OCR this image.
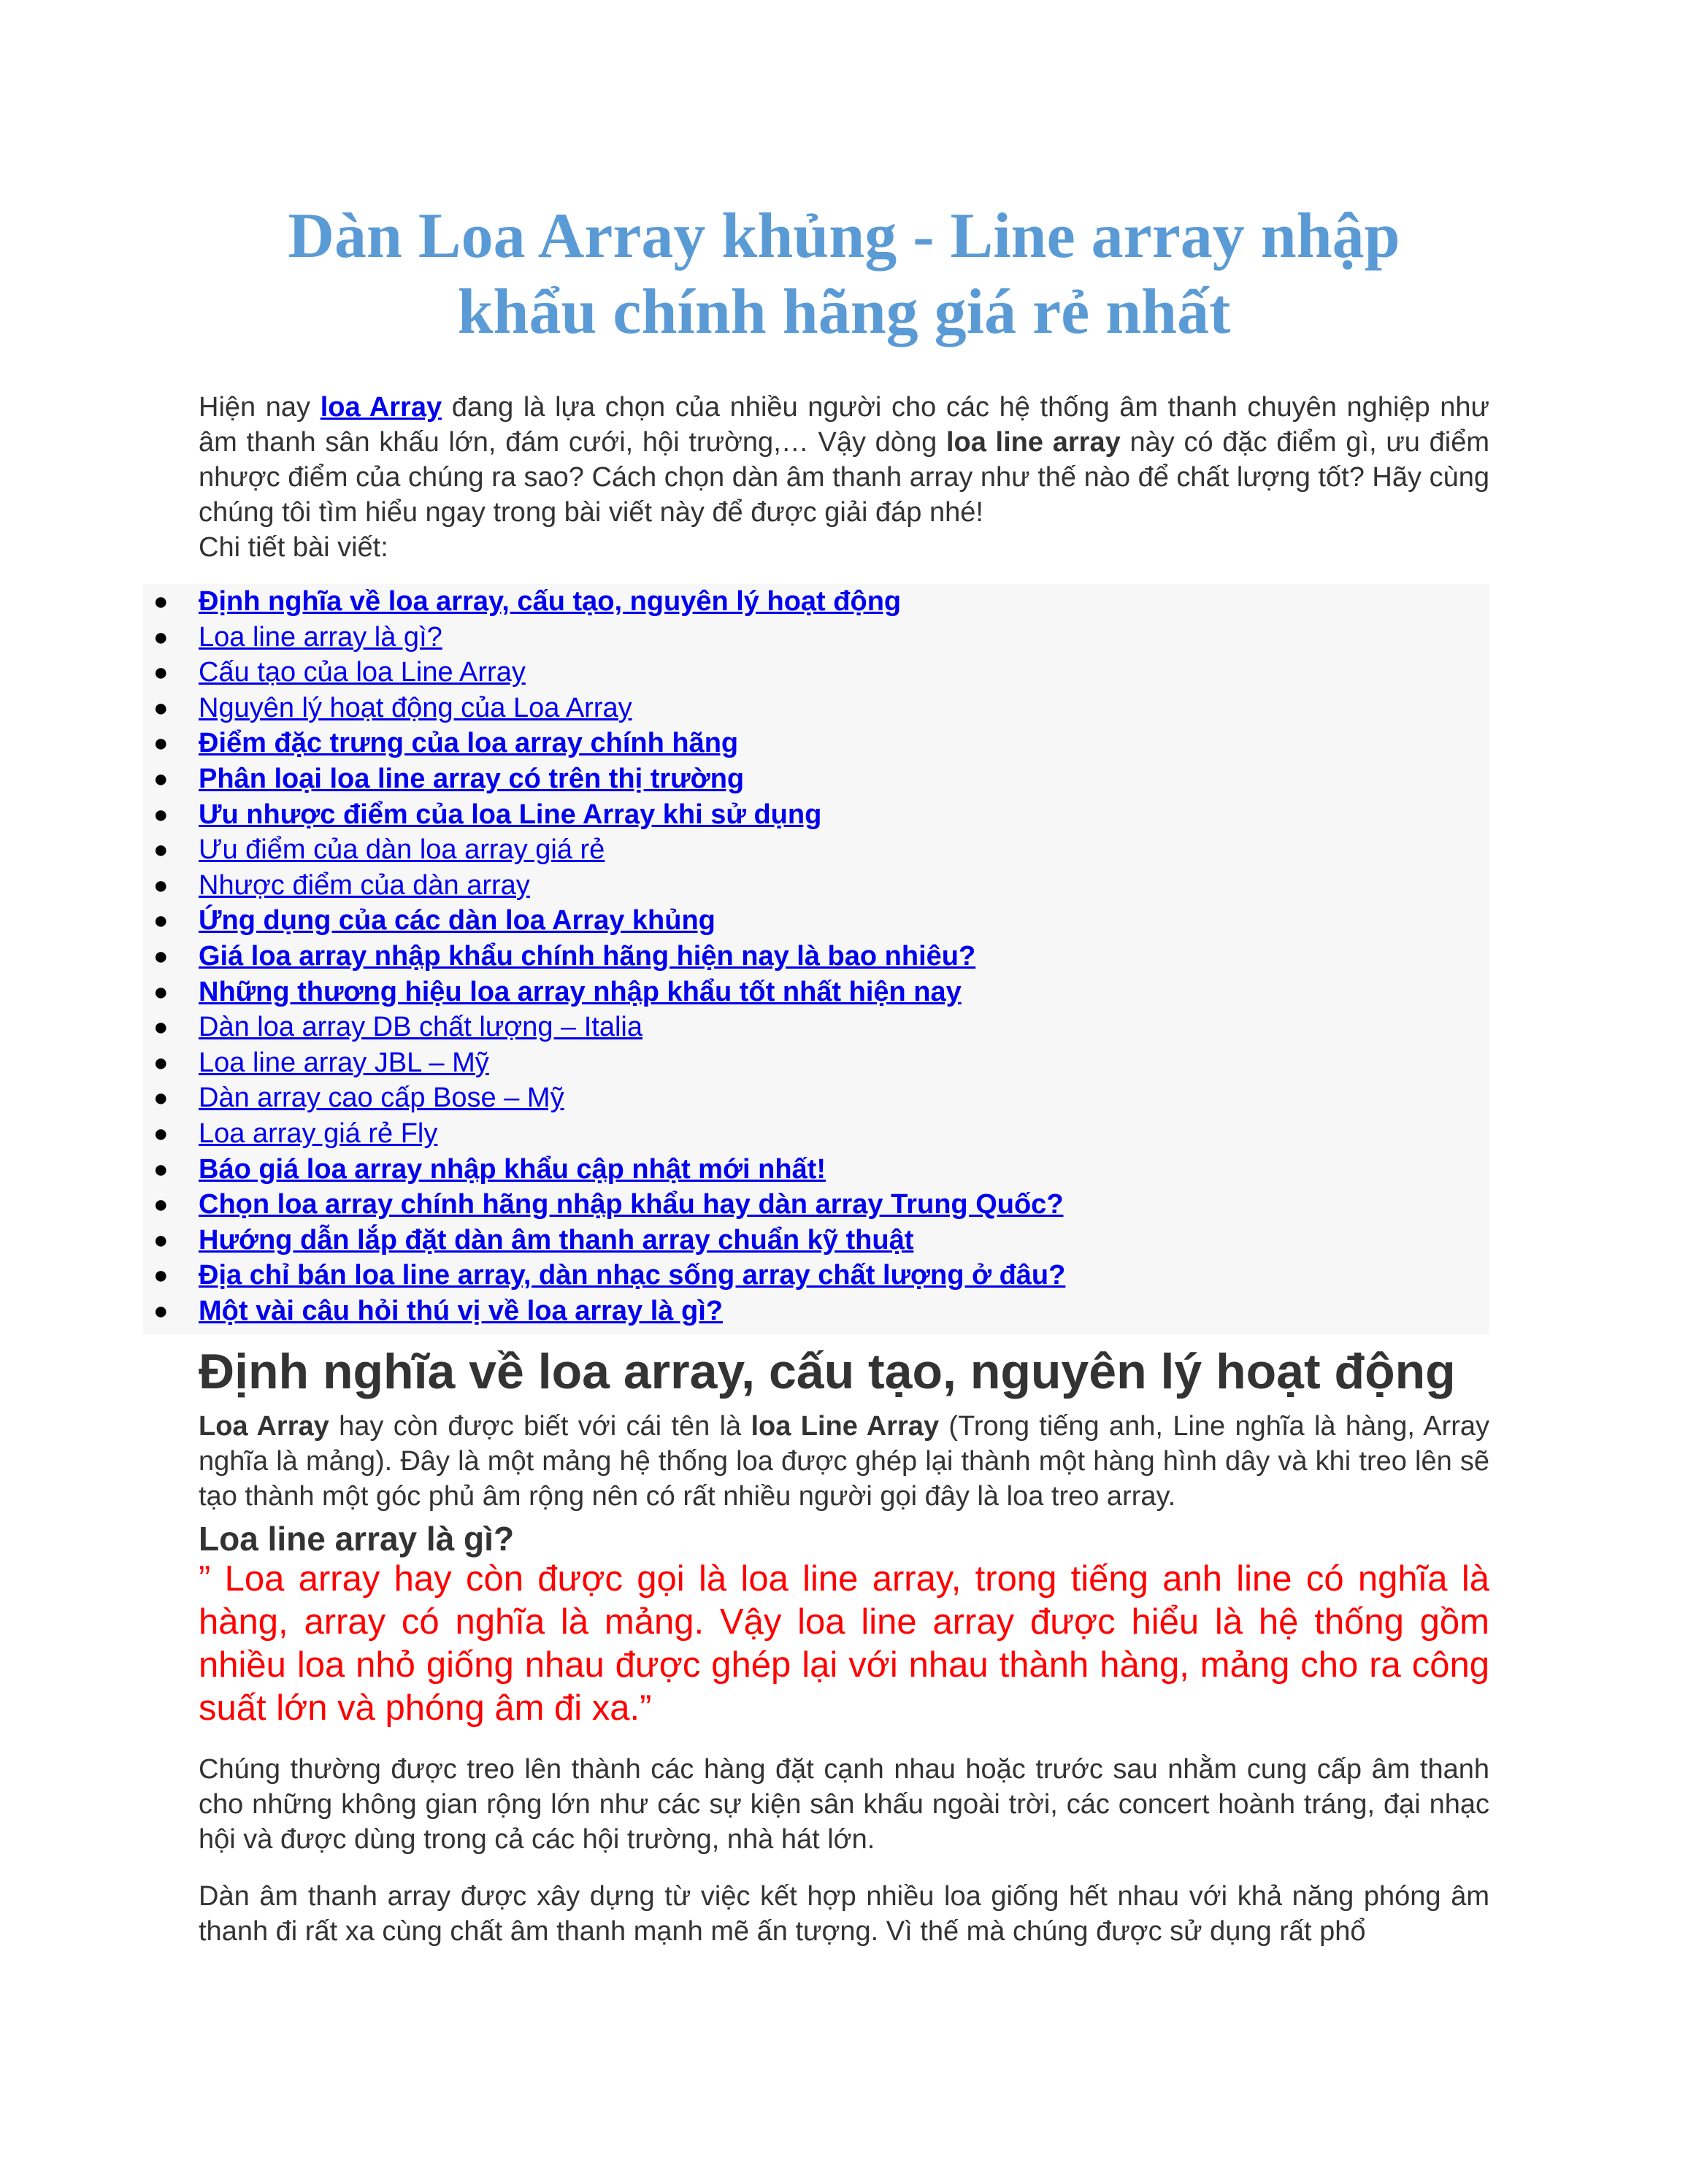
Dàn Loa Array khủng - Line array nhập khẩu chính hãng giá rẻ nhất

Hiện nay loa Array đang là lựa chọn của nhiều người cho các hệ thống âm thanh chuyên nghiệp như âm thanh sân khấu lớn, đám cưới, hội trường,… Vậy dòng loa line array này có đặc điểm gì, ưu điểm nhược điểm của chúng ra sao? Cách chọn dàn âm thanh array như thế nào để chất lượng tốt? Hãy cùng chúng tôi tìm hiểu ngay trong bài viết này để được giải đáp nhé!
Chi tiết bài viết:

● Định nghĩa về loa array, cấu tạo, nguyên lý hoạt động
● Loa line array là gì?
● Cấu tạo của loa Line Array
● Nguyên lý hoạt động của Loa Array
● Điểm đặc trưng của loa array chính hãng
● Phân loại loa line array có trên thị trường
● Ưu nhược điểm của loa Line Array khi sử dụng
● Ưu điểm của dàn loa array giá rẻ
● Nhược điểm của dàn array
● Ứng dụng của các dàn loa Array khủng
● Giá loa array nhập khẩu chính hãng hiện nay là bao nhiêu?
● Những thương hiệu loa array nhập khẩu tốt nhất hiện nay
● Dàn loa array DB chất lượng – Italia
● Loa line array JBL – Mỹ
● Dàn array cao cấp Bose – Mỹ
● Loa array giá rẻ Fly
● Báo giá loa array nhập khẩu cập nhật mới nhất!
● Chọn loa array chính hãng nhập khẩu hay dàn array Trung Quốc?
● Hướng dẫn lắp đặt dàn âm thanh array chuẩn kỹ thuật
● Địa chỉ bán loa line array, dàn nhạc sống array chất lượng ở đâu?
● Một vài câu hỏi thú vị về loa array là gì?
Định nghĩa về loa array, cấu tạo, nguyên lý hoạt động

Loa Array hay còn được biết với cái tên là loa Line Array (Trong tiếng anh, Line nghĩa là hàng, Array nghĩa là mảng). Đây là một mảng hệ thống loa được ghép lại thành một hàng hình dây và khi treo lên sẽ tạo thành một góc phủ âm rộng nên có rất nhiều người gọi đây là loa treo array.

Loa line array là gì?

” Loa array hay còn được gọi là loa line array, trong tiếng anh line có nghĩa là hàng, array có nghĩa là mảng. Vậy loa line array được hiểu là hệ thống gồm nhiều loa nhỏ giống nhau được ghép lại với nhau thành hàng, mảng cho ra công suất lớn và phóng âm đi xa.”

Chúng thường được treo lên thành các hàng đặt cạnh nhau hoặc trước sau nhằm cung cấp âm thanh cho những không gian rộng lớn như các sự kiện sân khấu ngoài trời, các concert hoành tráng, đại nhạc hội và được dùng trong cả các hội trường, nhà hát lớn.

Dàn âm thanh array được xây dựng từ việc kết hợp nhiều loa giống hết nhau với khả năng phóng âm thanh đi rất xa cùng chất âm thanh mạnh mẽ ấn tượng. Vì thế mà chúng được sử dụng rất phổ
